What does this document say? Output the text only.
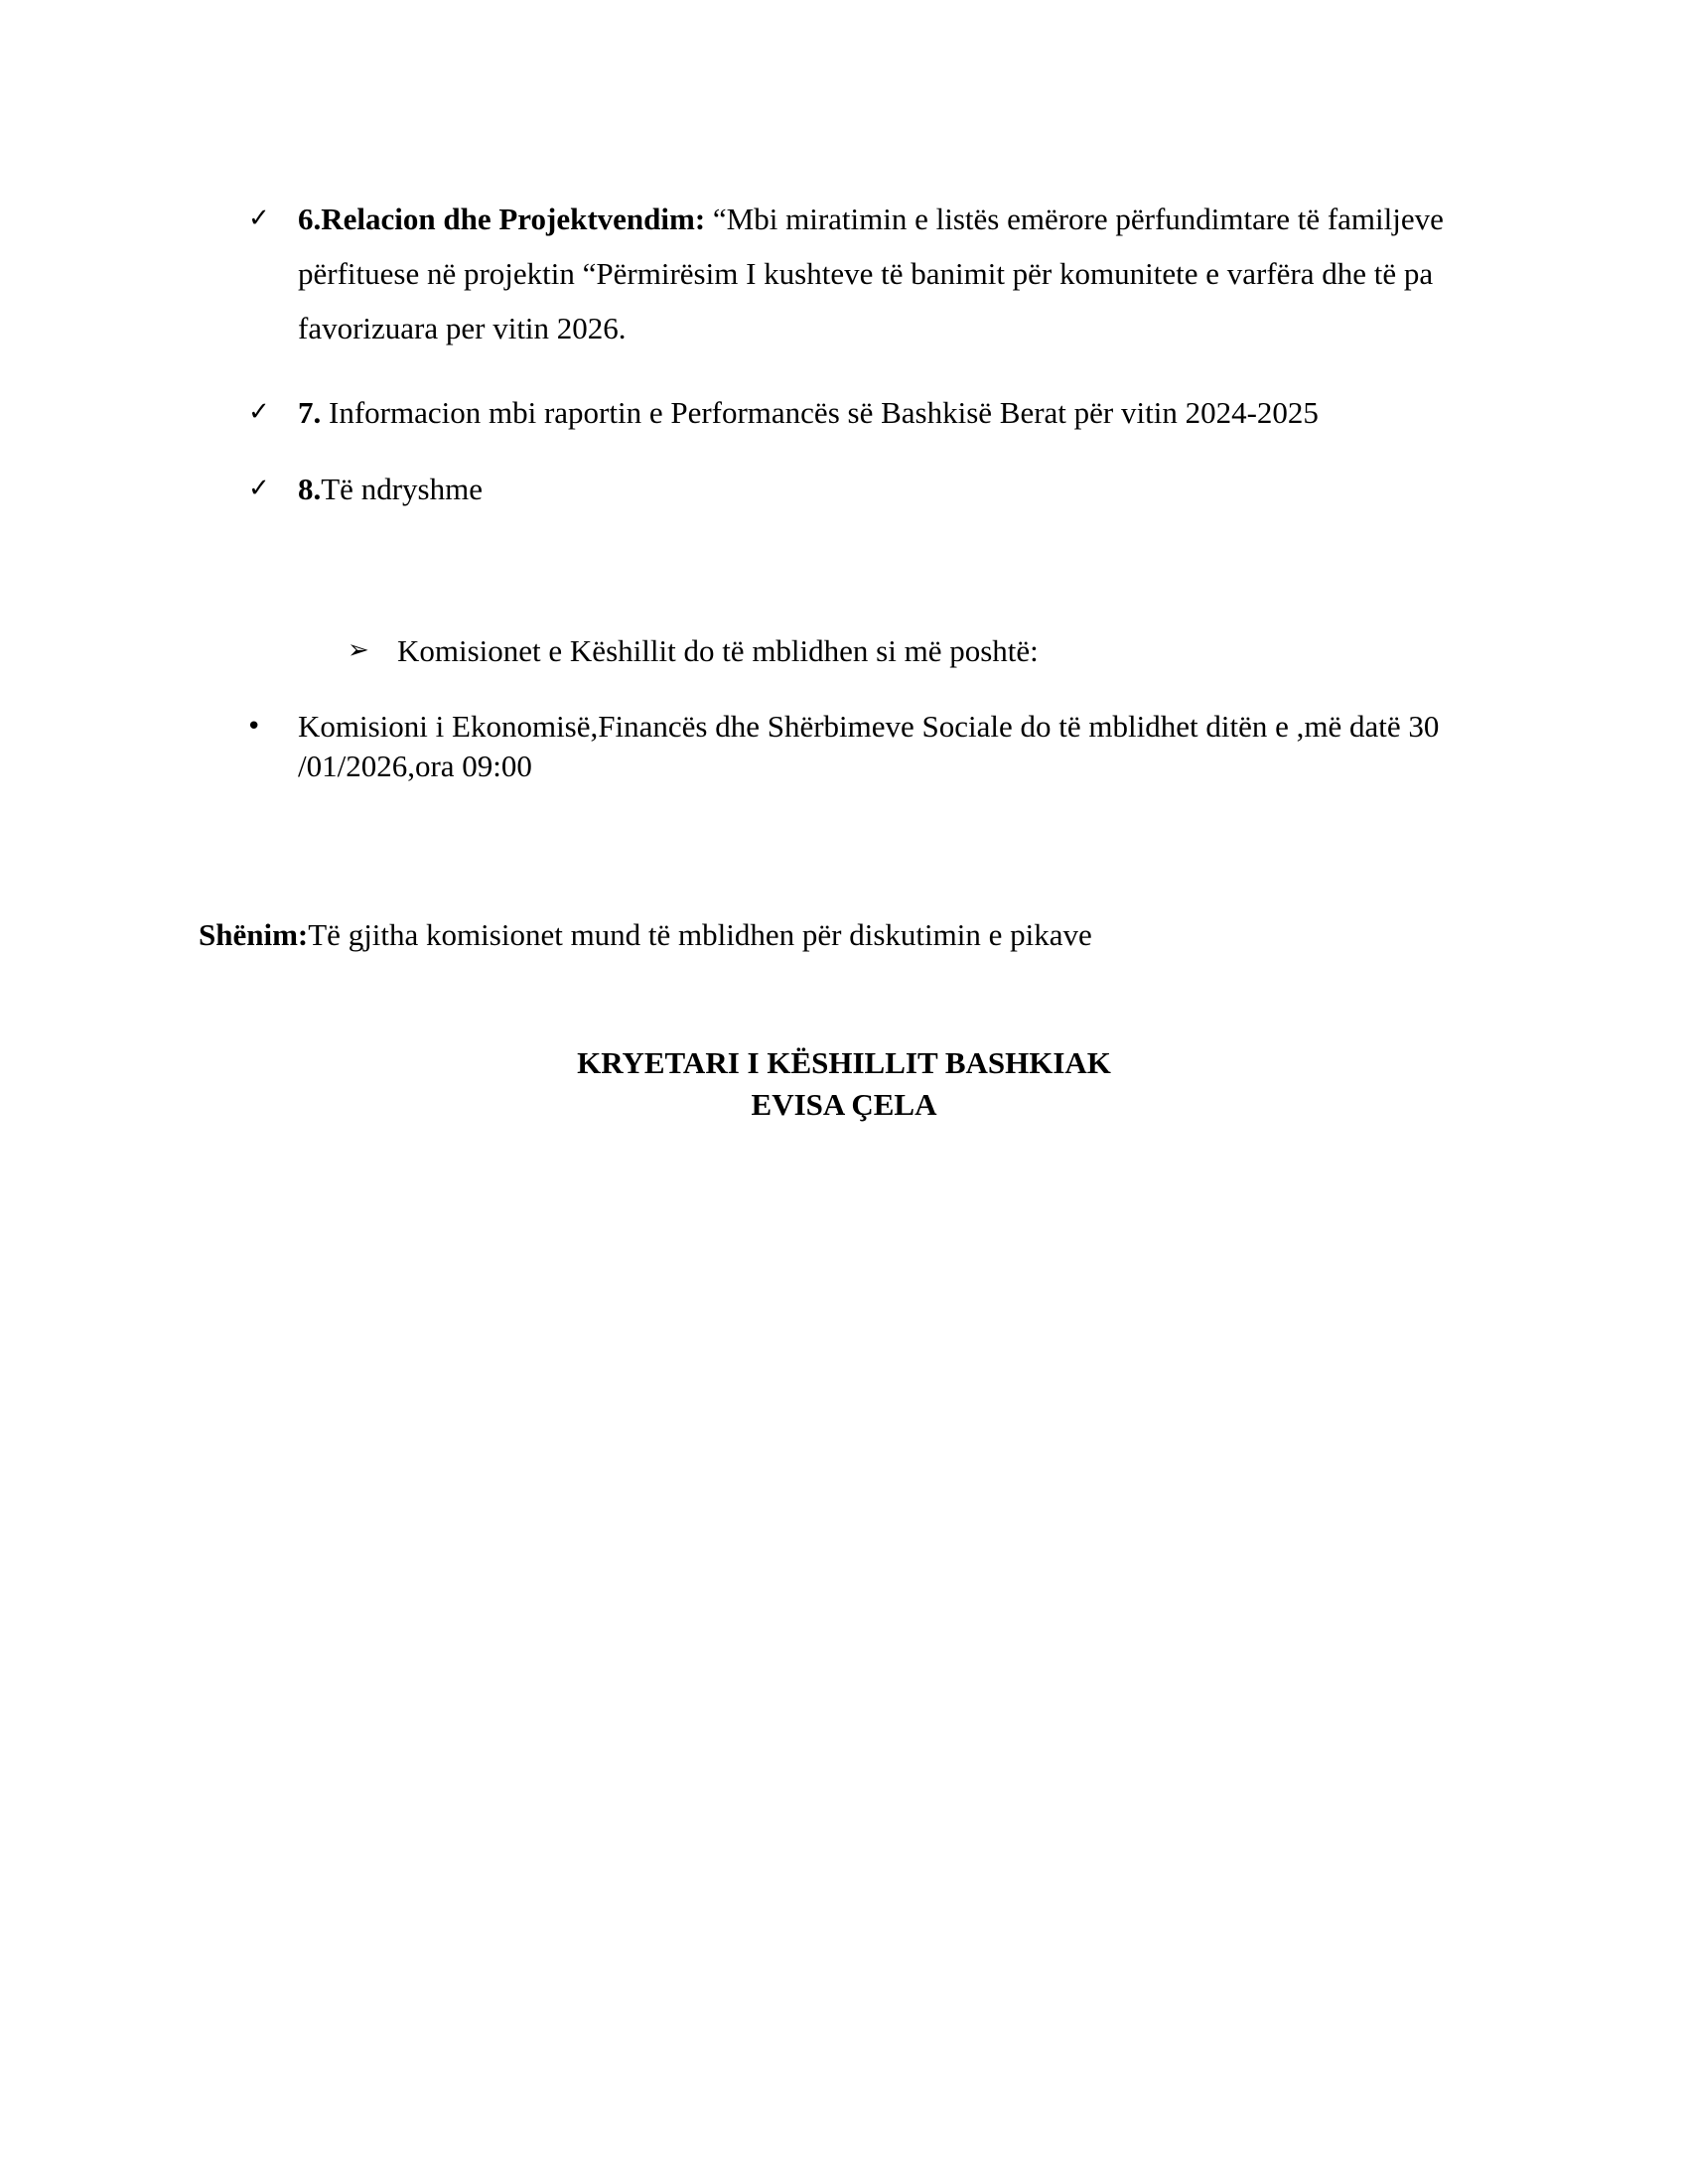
✓ 6.Relacion dhe Projektvendim: “Mbi miratimin e listës emërore përfundimtare të familjeve përfituese në projektin “Përmirësim I kushteve të banimit për komunitete e varfëra dhe të pa favorizuara per vitin 2026.
✓ 7. Informacion mbi raportin e Performancës së Bashkisë Berat për vitin 2024-2025
✓ 8.Të ndryshme
➢ Komisionet e Këshillit do të mblidhen si më poshtë:
• Komisioni i Ekonomisë,Financës dhe Shërbimeve Sociale do të mblidhet ditën e ,më datë 30 /01/2026,ora 09:00
Shënim:Të gjitha komisionet mund të mblidhen për diskutimin e pikave
KRYETARI I KËSHILLIT BASHKIAK
EVISA ÇELA
